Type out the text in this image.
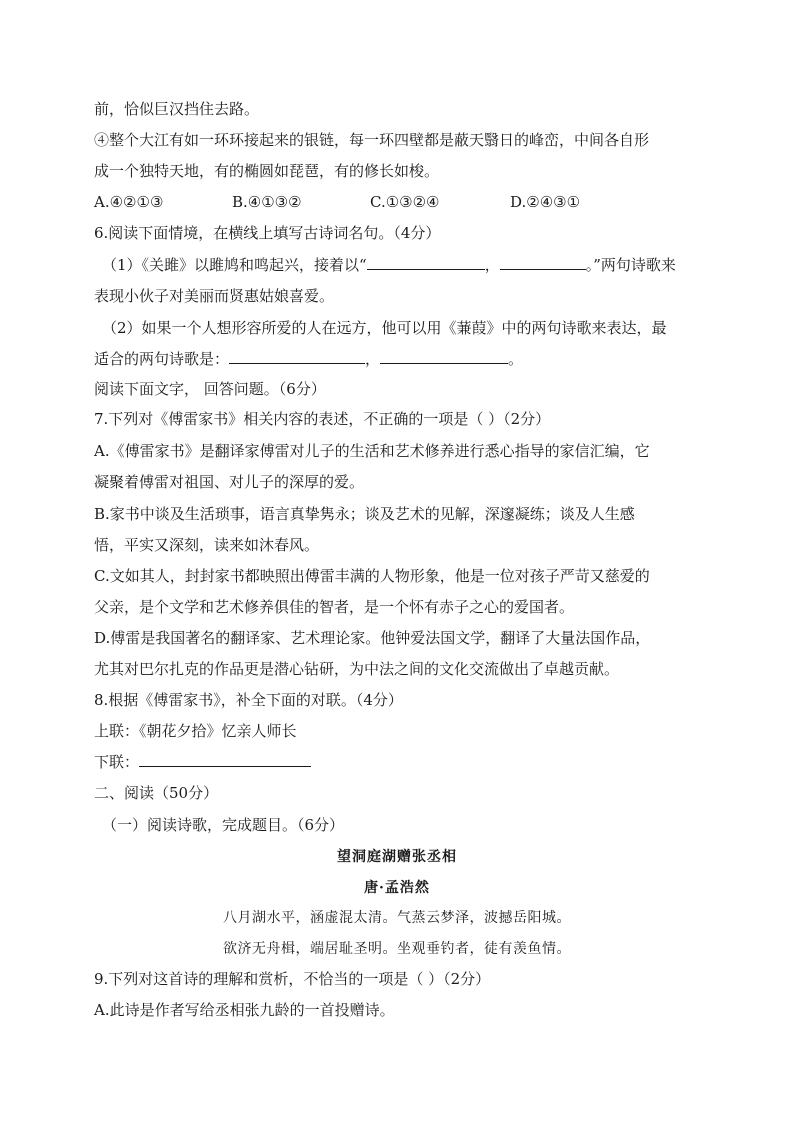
前，恰似巨汉挡住去路。
④整个大江有如一环环接起来的银链，每一环四壁都是蔽天翳日的峰峦，中间各自形
成一个独特天地，有的椭圆如琵琶，有的修长如梭。
A.④②①③	B.④①③②	C.①③②④	D.②④③①
6.阅读下面情境，在横线上填写古诗词名句。（4分）
（1）《关雎》以雎鸠和鸣起兴，接着以“	，	。”两句诗歌来
表现小伙子对美丽而贤惠姑娘喜爱。
（2）如果一个人想形容所爱的人在远方，他可以用《蒹葭》中的两句诗歌来表达，最
适合的两句诗歌是：	，	。
阅读下面文字， 回答问题。（6分）
7.下列对《傅雷家书》相关内容的表述，不正确的一项是（ ）（2分）
A.《傅雷家书》是翻译家傅雷对儿子的生活和艺术修养进行悉心指导的家信汇编，它
凝聚着傅雷对祖国、对儿子的深厚的爱。
B.家书中谈及生活琐事，语言真挚隽永；谈及艺术的见解，深邃凝练；谈及人生感
悟，平实又深刻，读来如沐春风。
C.文如其人，封封家书都映照出傅雷丰满的人物形象，他是一位对孩子严苛又慈爱的
父亲，是个文学和艺术修养俱佳的智者，是一个怀有赤子之心的爱国者。
D.傅雷是我国著名的翻译家、艺术理论家。他钟爱法国文学，翻译了大量法国作品，
尤其对巴尔扎克的作品更是潜心钻研，为中法之间的文化交流做出了卓越贡献。
8.根据《傅雷家书》，补全下面的对联。（4分）
上联：《朝花夕拾》忆亲人师长
下联：
二、阅读（50分）
（一）阅读诗歌，完成题目。（6分）
望洞庭湖赠张丞相
唐·孟浩然
八月湖水平，涵虚混太清。气蒸云梦泽，波撼岳阳城。
欲济无舟楫，端居耻圣明。坐观垂钓者，徒有羡鱼情。
9.下列对这首诗的理解和赏析，不恰当的一项是（ ）（2分）
A.此诗是作者写给丞相张九龄的一首投赠诗。
